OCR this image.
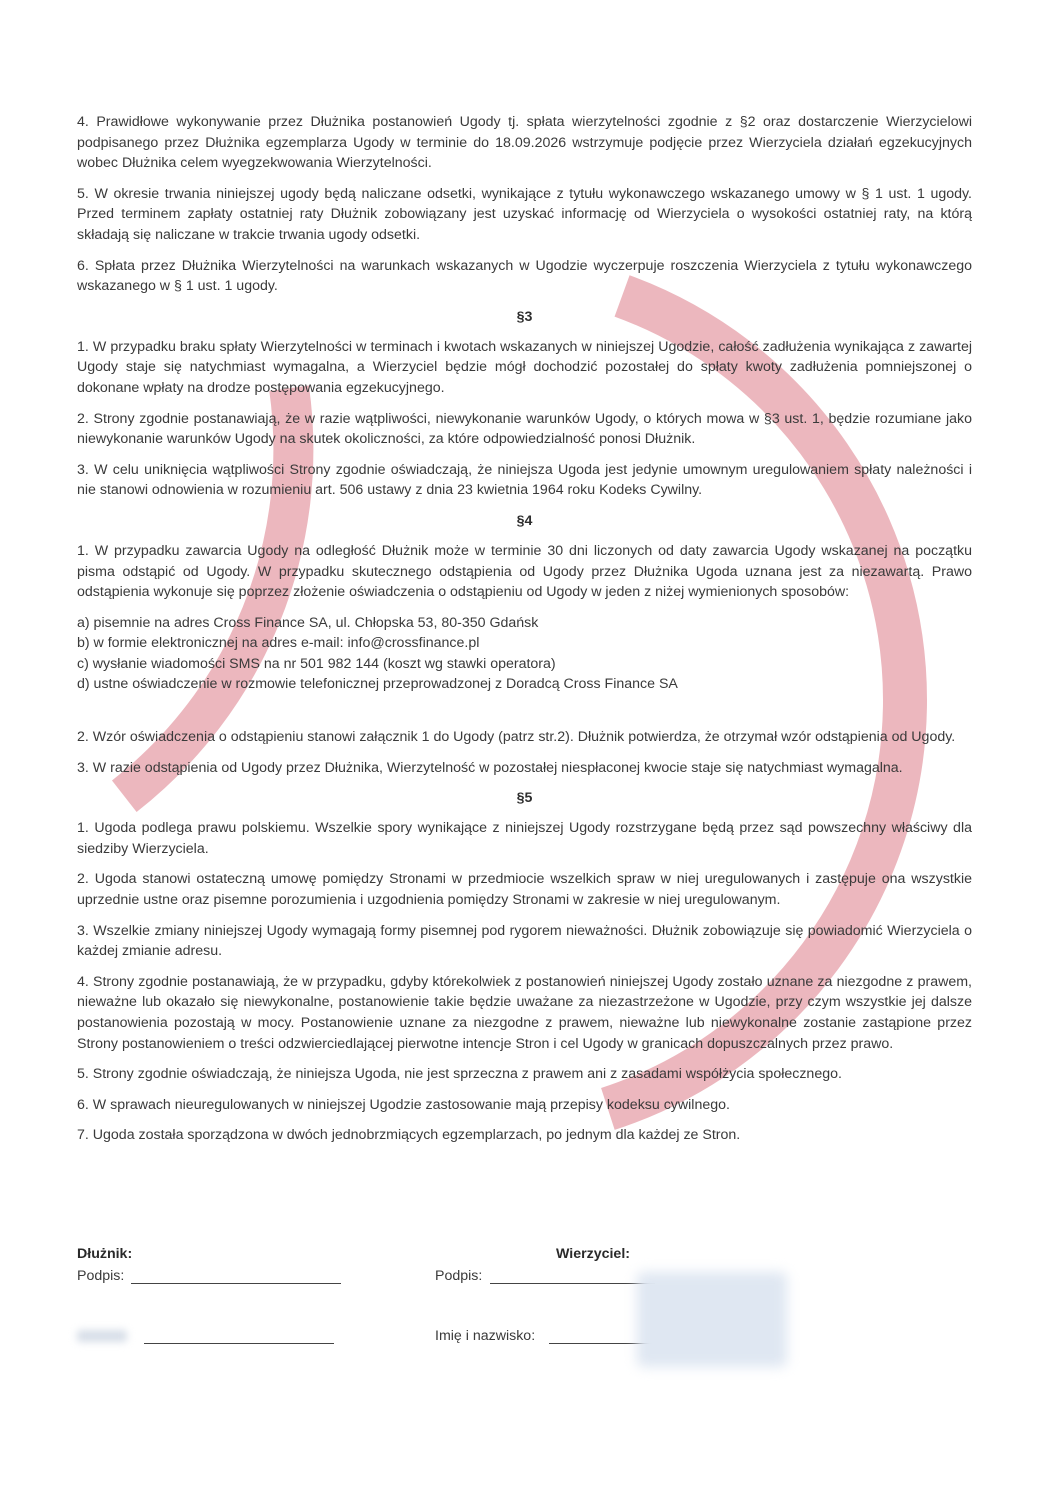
4. Prawidłowe wykonywanie przez Dłużnika postanowień Ugody tj. spłata wierzytelności zgodnie z §2 oraz dostarczenie Wierzycielowi podpisanego przez Dłużnika egzemplarza Ugody w terminie do 18.09.2026 wstrzymuje podjęcie przez Wierzyciela działań egzekucyjnych wobec Dłużnika celem wyegzekwowania Wierzytelności.

5. W okresie trwania niniejszej ugody będą naliczane odsetki, wynikające z tytułu wykonawczego wskazanego umowy w § 1 ust. 1 ugody. Przed terminem zapłaty ostatniej raty Dłużnik zobowiązany jest uzyskać informację od Wierzyciela o wysokości ostatniej raty, na którą składają się naliczane w trakcie trwania ugody odsetki.

6. Spłata przez Dłużnika Wierzytelności na warunkach wskazanych w Ugodzie wyczerpuje roszczenia Wierzyciela z tytułu wykonawczego wskazanego w § 1 ust. 1 ugody.

§3

1. W przypadku braku spłaty Wierzytelności w terminach i kwotach wskazanych w niniejszej Ugodzie, całość zadłużenia wynikająca z zawartej Ugody staje się natychmiast wymagalna, a Wierzyciel będzie mógł dochodzić pozostałej do spłaty kwoty zadłużenia pomniejszonej o dokonane wpłaty na drodze postępowania egzekucyjnego.

2. Strony zgodnie postanawiają, że w razie wątpliwości, niewykonanie warunków Ugody, o których mowa w §3 ust. 1, będzie rozumiane jako niewykonanie warunków Ugody na skutek okoliczności, za które odpowiedzialność ponosi Dłużnik.

3. W celu uniknięcia wątpliwości Strony zgodnie oświadczają, że niniejsza Ugoda jest jedynie umownym uregulowaniem spłaty należności i nie stanowi odnowienia w rozumieniu art. 506 ustawy z dnia 23 kwietnia 1964 roku Kodeks Cywilny.

§4

1. W przypadku zawarcia Ugody na odległość Dłużnik może w terminie 30 dni liczonych od daty zawarcia Ugody wskazanej na początku pisma odstąpić od Ugody. W przypadku skutecznego odstąpienia od Ugody przez Dłużnika Ugoda uznana jest za niezawartą. Prawo odstąpienia wykonuje się poprzez złożenie oświadczenia o odstąpieniu od Ugody w jeden z niżej wymienionych sposobów:

a) pisemnie na adres Cross Finance SA, ul. Chłopska 53, 80-350 Gdańsk
b) w formie elektronicznej na adres e-mail: info@crossfinance.pl
c) wysłanie wiadomości SMS na nr 501 982 144 (koszt wg stawki operatora)
d) ustne oświadczenie w rozmowie telefonicznej przeprowadzonej z Doradcą Cross Finance SA

2. Wzór oświadczenia o odstąpieniu stanowi załącznik 1 do Ugody (patrz str.2). Dłużnik potwierdza, że otrzymał wzór odstąpienia od Ugody.

3. W razie odstąpienia od Ugody przez Dłużnika, Wierzytelność w pozostałej niespłaconej kwocie staje się natychmiast wymagalna.

§5

1. Ugoda podlega prawu polskiemu. Wszelkie spory wynikające z niniejszej Ugody rozstrzygane będą przez sąd powszechny właściwy dla siedziby Wierzyciela.

2. Ugoda stanowi ostateczną umowę pomiędzy Stronami w przedmiocie wszelkich spraw w niej uregulowanych i zastępuje ona wszystkie uprzednie ustne oraz pisemne porozumienia i uzgodnienia pomiędzy Stronami w zakresie w niej uregulowanym.

3. Wszelkie zmiany niniejszej Ugody wymagają formy pisemnej pod rygorem nieważności. Dłużnik zobowiązuje się powiadomić Wierzyciela o każdej zmianie adresu.

4. Strony zgodnie postanawiają, że w przypadku, gdyby którekolwiek z postanowień niniejszej Ugody zostało uznane za niezgodne z prawem, nieważne lub okazało się niewykonalne, postanowienie takie będzie uważane za niezastrzeżone w Ugodzie, przy czym wszystkie jej dalsze postanowienia pozostają w mocy. Postanowienie uznane za niezgodne z prawem, nieważne lub niewykonalne zostanie zastąpione przez Strony postanowieniem o treści odzwierciedlającej pierwotne intencje Stron i cel Ugody w granicach dopuszczalnych przez prawo.

5. Strony zgodnie oświadczają, że niniejsza Ugoda, nie jest sprzeczna z prawem ani z zasadami współżycia społecznego.

6. W sprawach nieuregulowanych w niniejszej Ugodzie zastosowanie mają przepisy kodeksu cywilnego.

7. Ugoda została sporządzona w dwóch jednobrzmiących egzemplarzach, po jednym dla każdej ze Stron.

Dłużnik:
Podpis:
Wierzyciel:
Podpis:
Imię i nazwisko:
